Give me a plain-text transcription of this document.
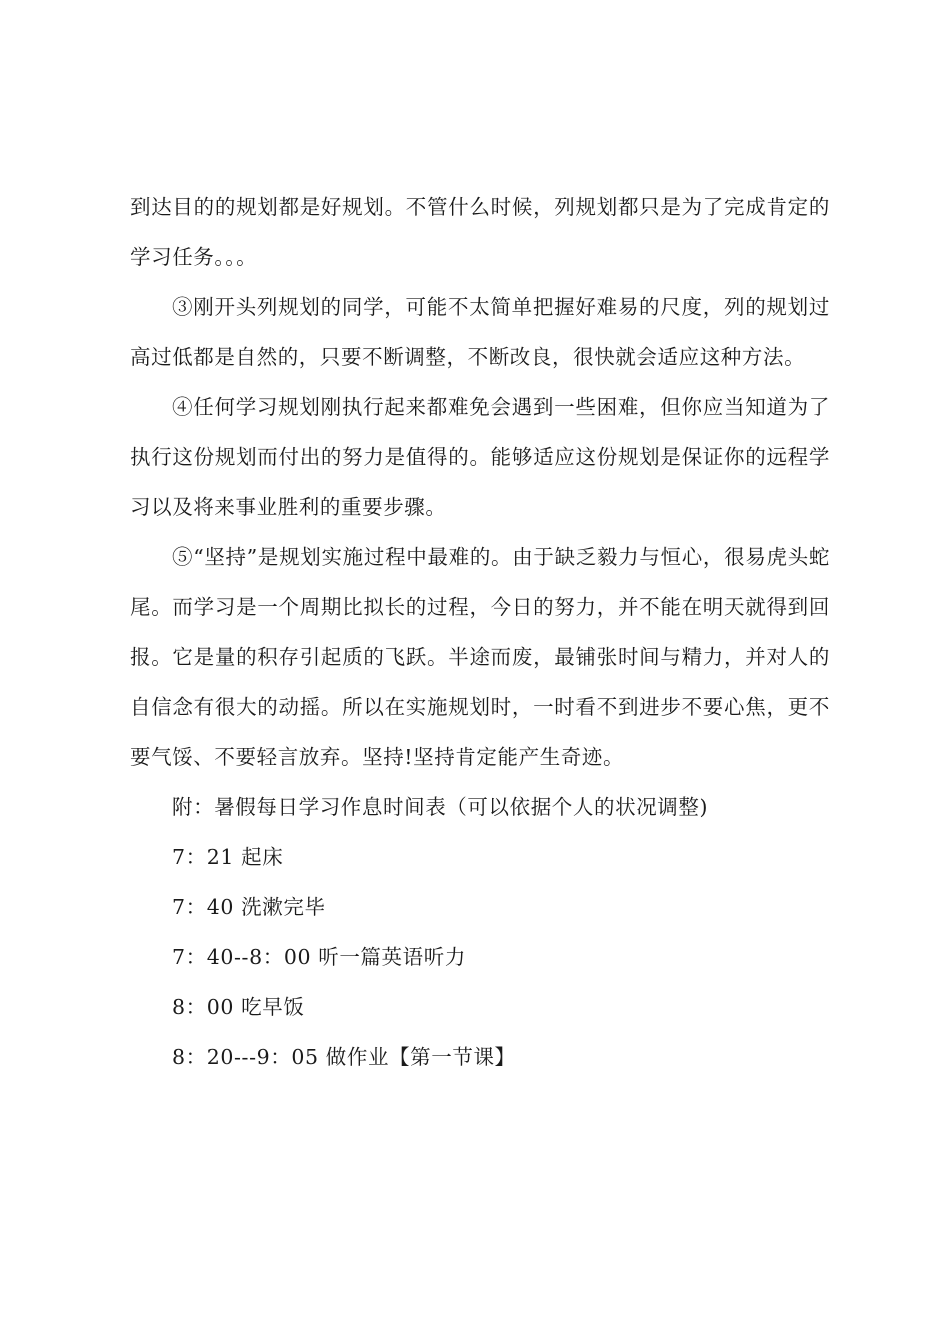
到达目的的规划都是好规划。不管什么时候，列规划都只是为了完成肯定的学习任务。。。

③刚开头列规划的同学，可能不太简单把握好难易的尺度，列的规划过高过低都是自然的，只要不断调整，不断改良，很快就会适应这种方法。

④任何学习规划刚执行起来都难免会遇到一些困难，但你应当知道为了执行这份规划而付出的努力是值得的。能够适应这份规划是保证你的远程学习以及将来事业胜利的重要步骤。

⑤“坚持”是规划实施过程中最难的。由于缺乏毅力与恒心，很易虎头蛇尾。而学习是一个周期比拟长的过程，今日的努力，并不能在明天就得到回报。它是量的积存引起质的飞跃。半途而废，最铺张时间与精力，并对人的自信念有很大的动摇。所以在实施规划时，一时看不到进步不要心焦，更不要气馁、不要轻言放弃。坚持!坚持肯定能产生奇迹。

附：暑假每日学习作息时间表（可以依据个人的状况调整)

7：21 起床

7：40 洗漱完毕

7：40--8：00 听一篇英语听力

8：00 吃早饭

8：20---9：05 做作业【第一节课】
